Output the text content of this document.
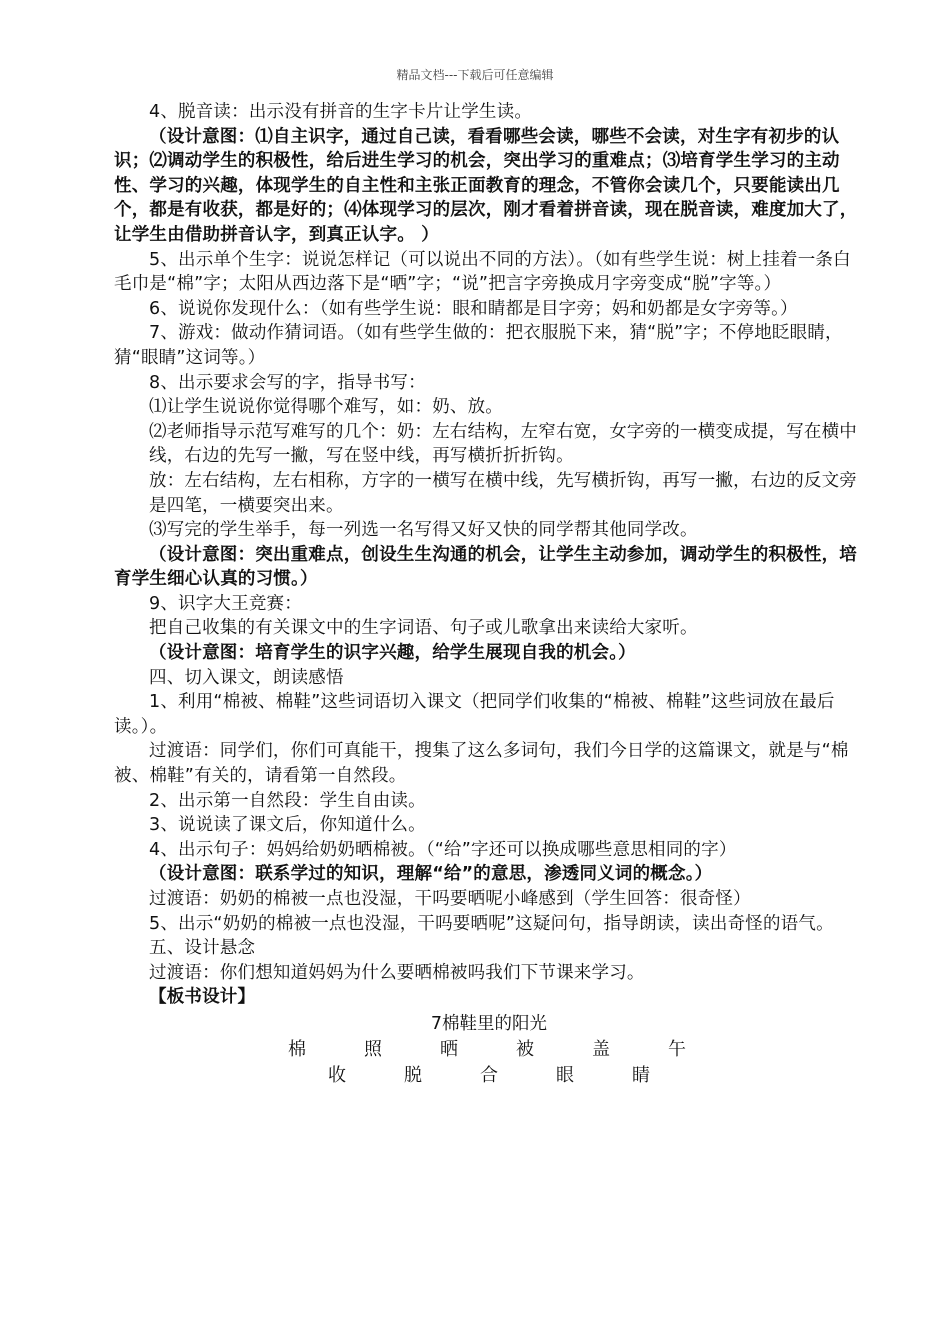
精品文档---下载后可任意编辑

4、脱音读：出示没有拼音的生字卡片让学生读。

（设计意图：⑴自主识字，通过自己读，看看哪些会读，哪些不会读，对生字有初步的认识；⑵调动学生的积极性，给后进生学习的机会，突出学习的重难点；⑶培育学生学习的主动性、学习的兴趣，体现学生的自主性和主张正面教育的理念，不管你会读几个，只要能读出几个，都是有收获，都是好的；⑷体现学习的层次，刚才看着拼音读，现在脱音读，难度加大了，让学生由借助拼音认字，到真正认字。 ）

5、出示单个生字：说说怎样记（可以说出不同的方法）。（如有些学生说：树上挂着一条白毛巾是“棉”字；太阳从西边落下是“晒”字；“说”把言字旁换成月字旁变成“脱”字等。）

6、说说你发现什么：（如有些学生说：眼和睛都是目字旁；妈和奶都是女字旁等。）

7、游戏：做动作猜词语。（如有些学生做的：把衣服脱下来，猜“脱”字；不停地眨眼睛，猜“眼睛”这词等。）

8、出示要求会写的字，指导书写：

⑴让学生说说你觉得哪个难写，如：奶、放。

⑵老师指导示范写难写的几个：奶：左右结构，左窄右宽，女字旁的一横变成提，写在横中线，右边的先写一撇，写在竖中线，再写横折折折钩。

放：左右结构，左右相称，方字的一横写在横中线，先写横折钩，再写一撇，右边的反文旁是四笔，一横要突出来。

⑶写完的学生举手，每一列选一名写得又好又快的同学帮其他同学改。

（设计意图：突出重难点，创设生生沟通的机会，让学生主动参加，调动学生的积极性，培育学生细心认真的习惯。）

9、识字大王竞赛：

把自己收集的有关课文中的生字词语、句子或儿歌拿出来读给大家听。

（设计意图：培育学生的识字兴趣，给学生展现自我的机会。）

四、切入课文，朗读感悟

1、利用“棉被、棉鞋”这些词语切入课文（把同学们收集的“棉被、棉鞋”这些词放在最后读。）。

过渡语：同学们，你们可真能干，搜集了这么多词句，我们今日学的这篇课文，就是与“棉被、棉鞋”有关的，请看第一自然段。

2、出示第一自然段：学生自由读。

3、说说读了课文后，你知道什么。

4、出示句子：妈妈给奶奶晒棉被。（“给”字还可以换成哪些意思相同的字）

（设计意图：联系学过的知识，理解“给”的意思，渗透同义词的概念。）

过渡语：奶奶的棉被一点也没湿，干吗要晒呢小峰感到（学生回答：很奇怪）

5、出示“奶奶的棉被一点也没湿，干吗要晒呢”这疑问句，指导朗读，读出奇怪的语气。

五、设计悬念

过渡语：你们想知道妈妈为什么要晒棉被吗我们下节课来学习。

【板书设计】

7棉鞋里的阳光

棉	照	晒	被	盖	午
收	脱	合	眼	睛
